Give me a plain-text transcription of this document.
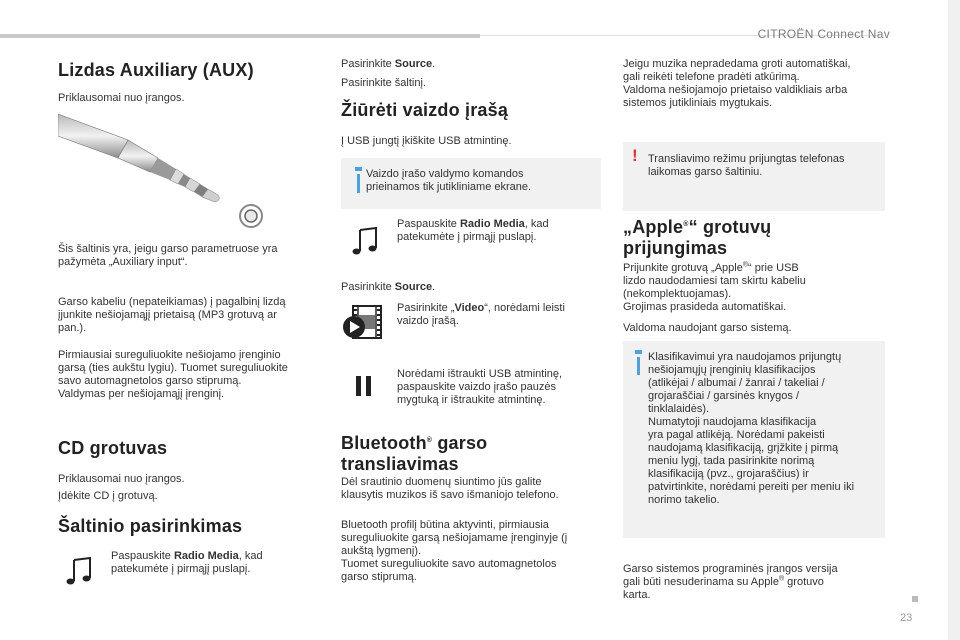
CITROËN Connect Nav
Lizdas Auxiliary (AUX)
Priklausomai nuo įrangos.
Šis šaltinis yra, jeigu garso parametruose yra
pažymėta „Auxiliary input“.
Garso kabeliu (nepateikiamas) į pagalbinį lizdą
įjunkite nešiojamąjį prietaisą (MP3 grotuvą ar
pan.).
Pirmiausiai sureguliuokite nešiojamo įrenginio
garsą (ties aukštu lygiu). Tuomet sureguliuokite
savo automagnetolos garso stiprumą.
Valdymas per nešiojamąjį įrenginį.
CD grotuvas
Priklausomai nuo įrangos.
Įdėkite CD į grotuvą.
Šaltinio pasirinkimas
Paspauskite Radio Media, kad
patekumėte į pirmąjį puslapį.
Pasirinkite Source.
Pasirinkite šaltinį.
Žiūrėti vaizdo įrašą
Į USB jungtį įkiškite USB atmintinę.
Vaizdo įrašo valdymo komandos
prieinamos tik jutikliniame ekrane.
Paspauskite Radio Media, kad
patekumėte į pirmąjį puslapį.
Pasirinkite Source.
Pasirinkite „Video“, norėdami leisti
vaizdo įrašą.
Norėdami ištraukti USB atmintinę,
paspauskite vaizdo įrašo pauzės
mygtuką ir ištraukite atmintinę.
Bluetooth® garso
transliavimas
Dėl srautinio duomenų siuntimo jūs galite
klausytis muzikos iš savo išmaniojo telefono.
Bluetooth profilį būtina aktyvinti, pirmiausia
sureguliuokite garsą nešiojamame įrenginyje (į
aukštą lygmenį).
Tuomet sureguliuokite savo automagnetolos
garso stiprumą.
Jeigu muzika nepradedama groti automatiškai,
gali reikėti telefone pradėti atkūrimą.
Valdoma nešiojamojo prietaiso valdikliais arba
sistemos jutikliniais mygtukais.
! Transliavimo režimu prijungtas telefonas
laikomas garso šaltiniu.
„Apple®“ grotuvų
prijungimas
Prijunkite grotuvą „Apple®“ prie USB
lizdo naudodamiesi tam skirtu kabeliu
(nekomplektuojamas).
Grojimas prasideda automatiškai.
Valdoma naudojant garso sistemą.
Klasifikavimui yra naudojamos prijungtų
nešiojamųjų įrenginių klasifikacijos
(atlikėjai / albumai / žanrai / takeliai /
grojaraščiai / garsinės knygos /
tinklalaidės).
Numatytoji naudojama klasifikacija
yra pagal atlikėją. Norėdami pakeisti
naudojamą klasifikaciją, grįžkite į pirmą
meniu lygį, tada pasirinkite norimą
klasifikaciją (pvz., grojaraščius) ir
patvirtinkite, norėdami pereiti per meniu iki
norimo takelio.
Garso sistemos programinės įrangos versija
gali būti nesuderinama su Apple® grotuvo
karta.
23
